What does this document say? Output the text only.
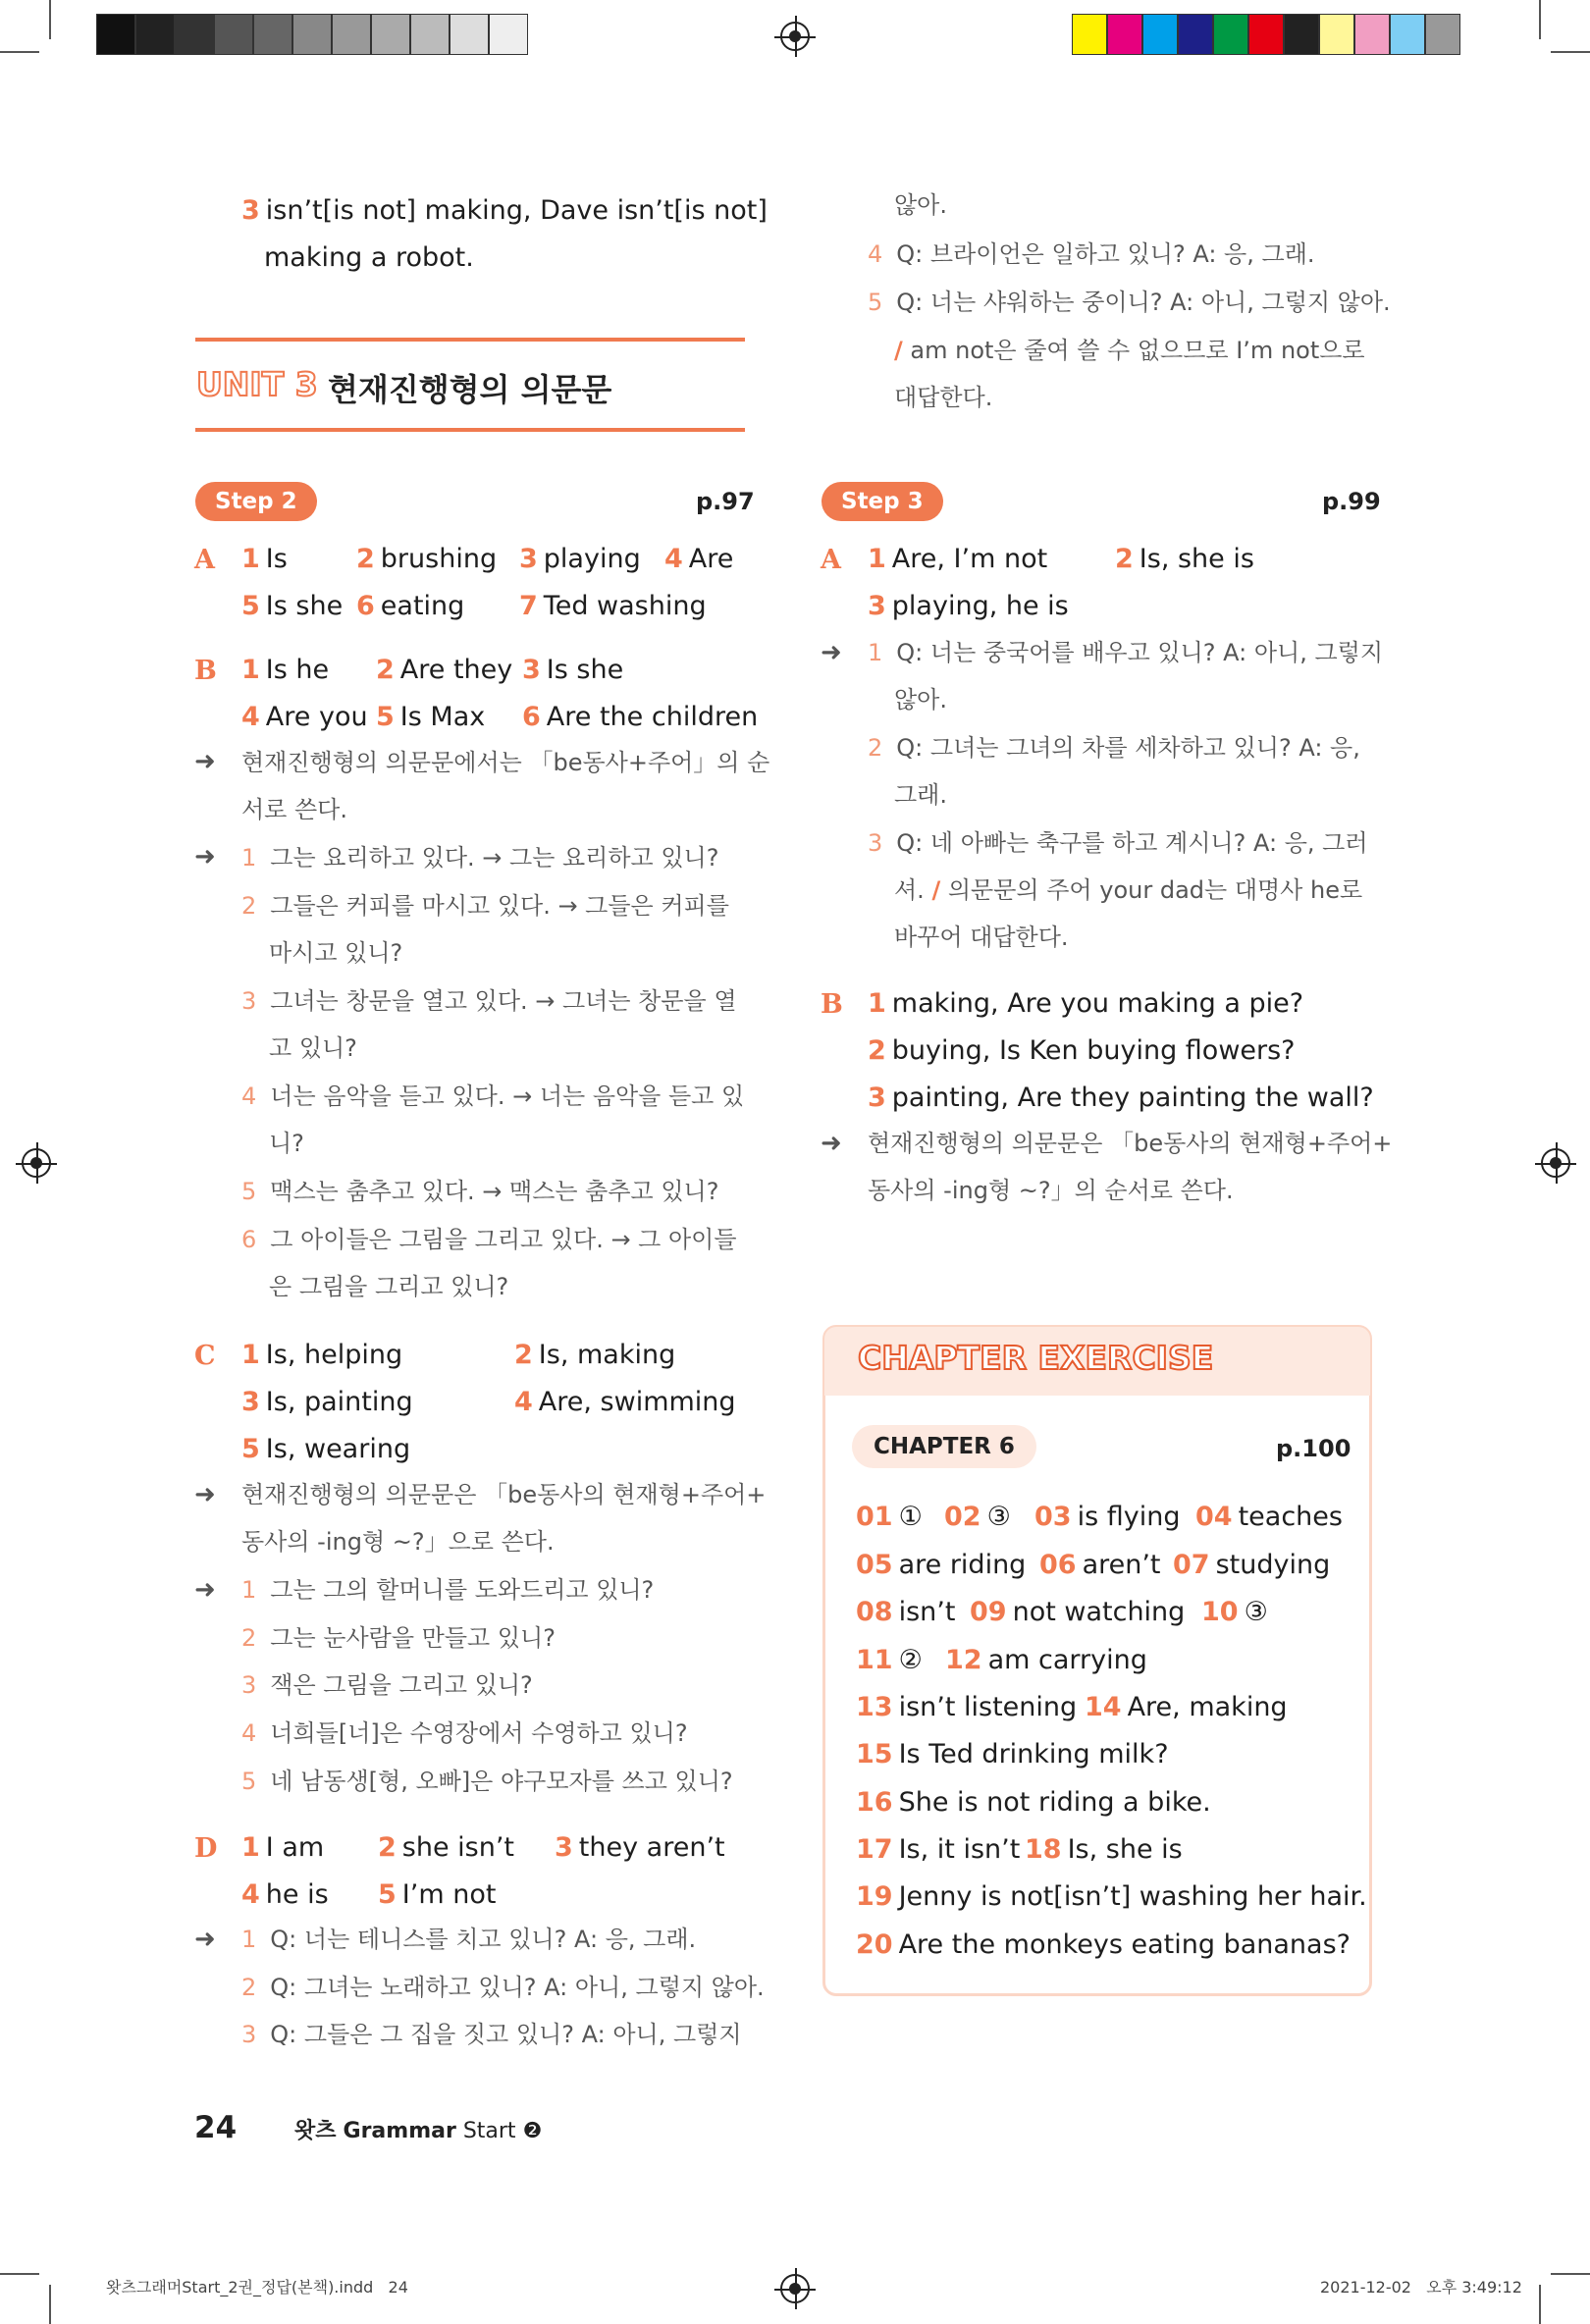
3 isn’t[is not] making, Dave isn’t[is not]
making a robot.
않아.
4 Q: 브라이언은 일하고 있니? A: 응, 그래.
5 Q: 너는 샤워하는 중이니? A: 아니, 그렇지 않아.
/ am not은 줄여 쓸 수 없으므로 I’m not으로
대답한다.
UNIT 3 현재진행형의 의문문
Step 2	p.97
A 1 Is	2 brushing 3 playing 4 Are
5 Is she 6 eating 7 Ted washing
B 1 Is he 2 Are they 3 Is she
4 Are you 5 Is Max 6 Are the children
➜ 현재진행형의 의문문에서는 「be동사+주어」의 순
서로 쓴다.
➜ 1 그는 요리하고 있다. → 그는 요리하고 있니?
2 그들은 커피를 마시고 있다. → 그들은 커피를
마시고 있니?
3 그녀는 창문을 열고 있다. → 그녀는 창문을 열
고 있니?
4 너는 음악을 듣고 있다. → 너는 음악을 듣고 있
니?
5 맥스는 춤추고 있다. → 맥스는 춤추고 있니?
6 그 아이들은 그림을 그리고 있다. → 그 아이들
은 그림을 그리고 있니?
C 1 Is, helping	2 Is, making
3 Is, painting	4 Are, swimming
5 Is, wearing
➜ 현재진행형의 의문문은 「be동사의 현재형+주어+
동사의 -ing형 ~?」으로 쓴다.
➜ 1 그는 그의 할머니를 도와드리고 있니?
2 그는 눈사람을 만들고 있니?
3 잭은 그림을 그리고 있니?
4 너희들[너]은 수영장에서 수영하고 있니?
5 네 남동생[형, 오빠]은 야구모자를 쓰고 있니?
D 1 I am 2 she isn’t 3 they aren’t
4 he is 5 I’m not
➜ 1 Q: 너는 테니스를 치고 있니? A: 응, 그래.
2 Q: 그녀는 노래하고 있니? A: 아니, 그렇지 않아.
3 Q: 그들은 그 집을 짓고 있니? A: 아니, 그렇지
Step 3	p.99
A 1 Are, I’m not	2 Is, she is
3 playing, he is
➜ 1 Q: 너는 중국어를 배우고 있니? A: 아니, 그렇지
않아.
2 Q: 그녀는 그녀의 차를 세차하고 있니? A: 응,
그래.
3 Q: 네 아빠는 축구를 하고 계시니? A: 응, 그러
셔. / 의문문의 주어 your dad는 대명사 he로
바꾸어 대답한다.
B 1 making, Are you making a pie?
2 buying, Is Ken buying flowers?
3 painting, Are they painting the wall?
➜ 현재진행형의 의문문은 「be동사의 현재형+주어+
동사의 -ing형 ~?」의 순서로 쓴다.
CHAPTER EXERCISE
CHAPTER 6	p.100
01 ① 02 ③ 03 is flying 04 teaches
05 are riding 06 aren’t 07 studying
08 isn’t 09 not watching 10 ③
11 ② 12 am carrying
13 isn’t listening 14 Are, making
15 Is Ted drinking milk?
16 She is not riding a bike.
17 Is, it isn’t 18 Is, she is
19 Jenny is not[isn’t] washing her hair.
20 Are the monkeys eating bananas?
24	왓츠 Grammar Start ❷
왓츠그래머Start_2권_정답(본책).indd   24	2021-12-02   오후 3:49:12
